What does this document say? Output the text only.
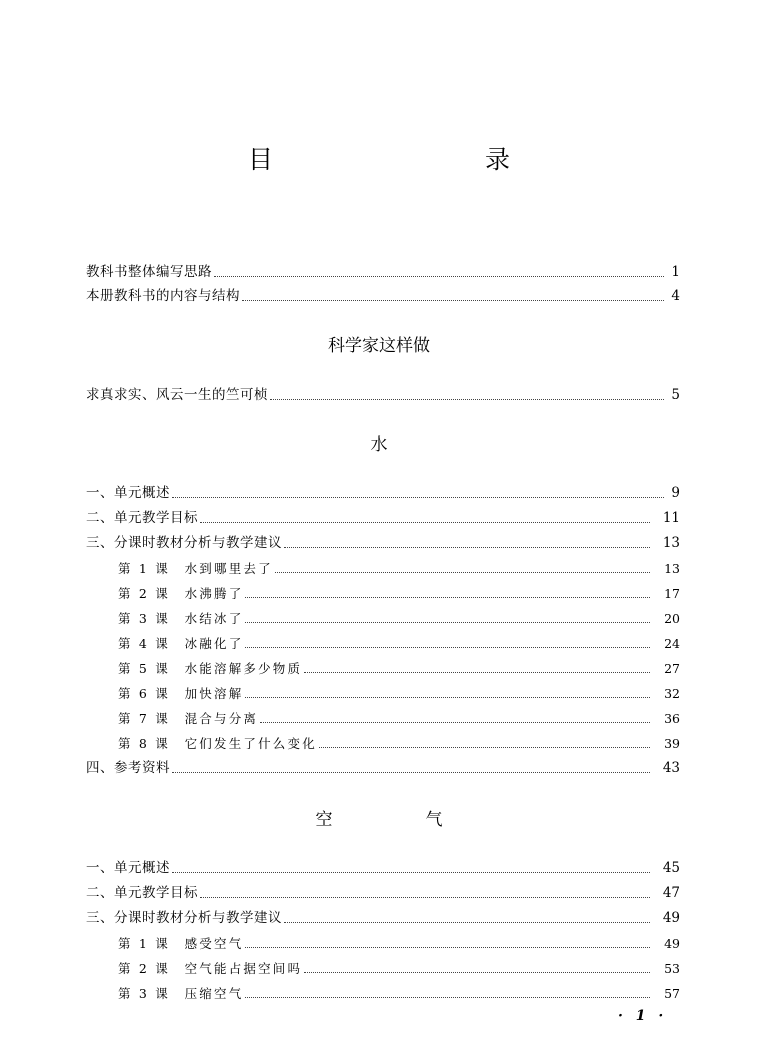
目　　录
教科书整体编写思路	1
本册教科书的内容与结构	4
科学家这样做
求真求实、风云一生的竺可桢	5
水
一、单元概述	9
二、单元教学目标	11
三、分课时教材分析与教学建议	13
第 1 课　水到哪里去了	13
第 2 课　水沸腾了	17
第 3 课　水结冰了	20
第 4 课　冰融化了	24
第 5 课　水能溶解多少物质	27
第 6 课　加快溶解	32
第 7 课　混合与分离	36
第 8 课　它们发生了什么变化	39
四、参考资料	43
空　气
一、单元概述	45
二、单元教学目标	47
三、分课时教材分析与教学建议	49
第 1 课　感受空气	49
第 2 课　空气能占据空间吗	53
第 3 课　压缩空气	57
· 1 ·
